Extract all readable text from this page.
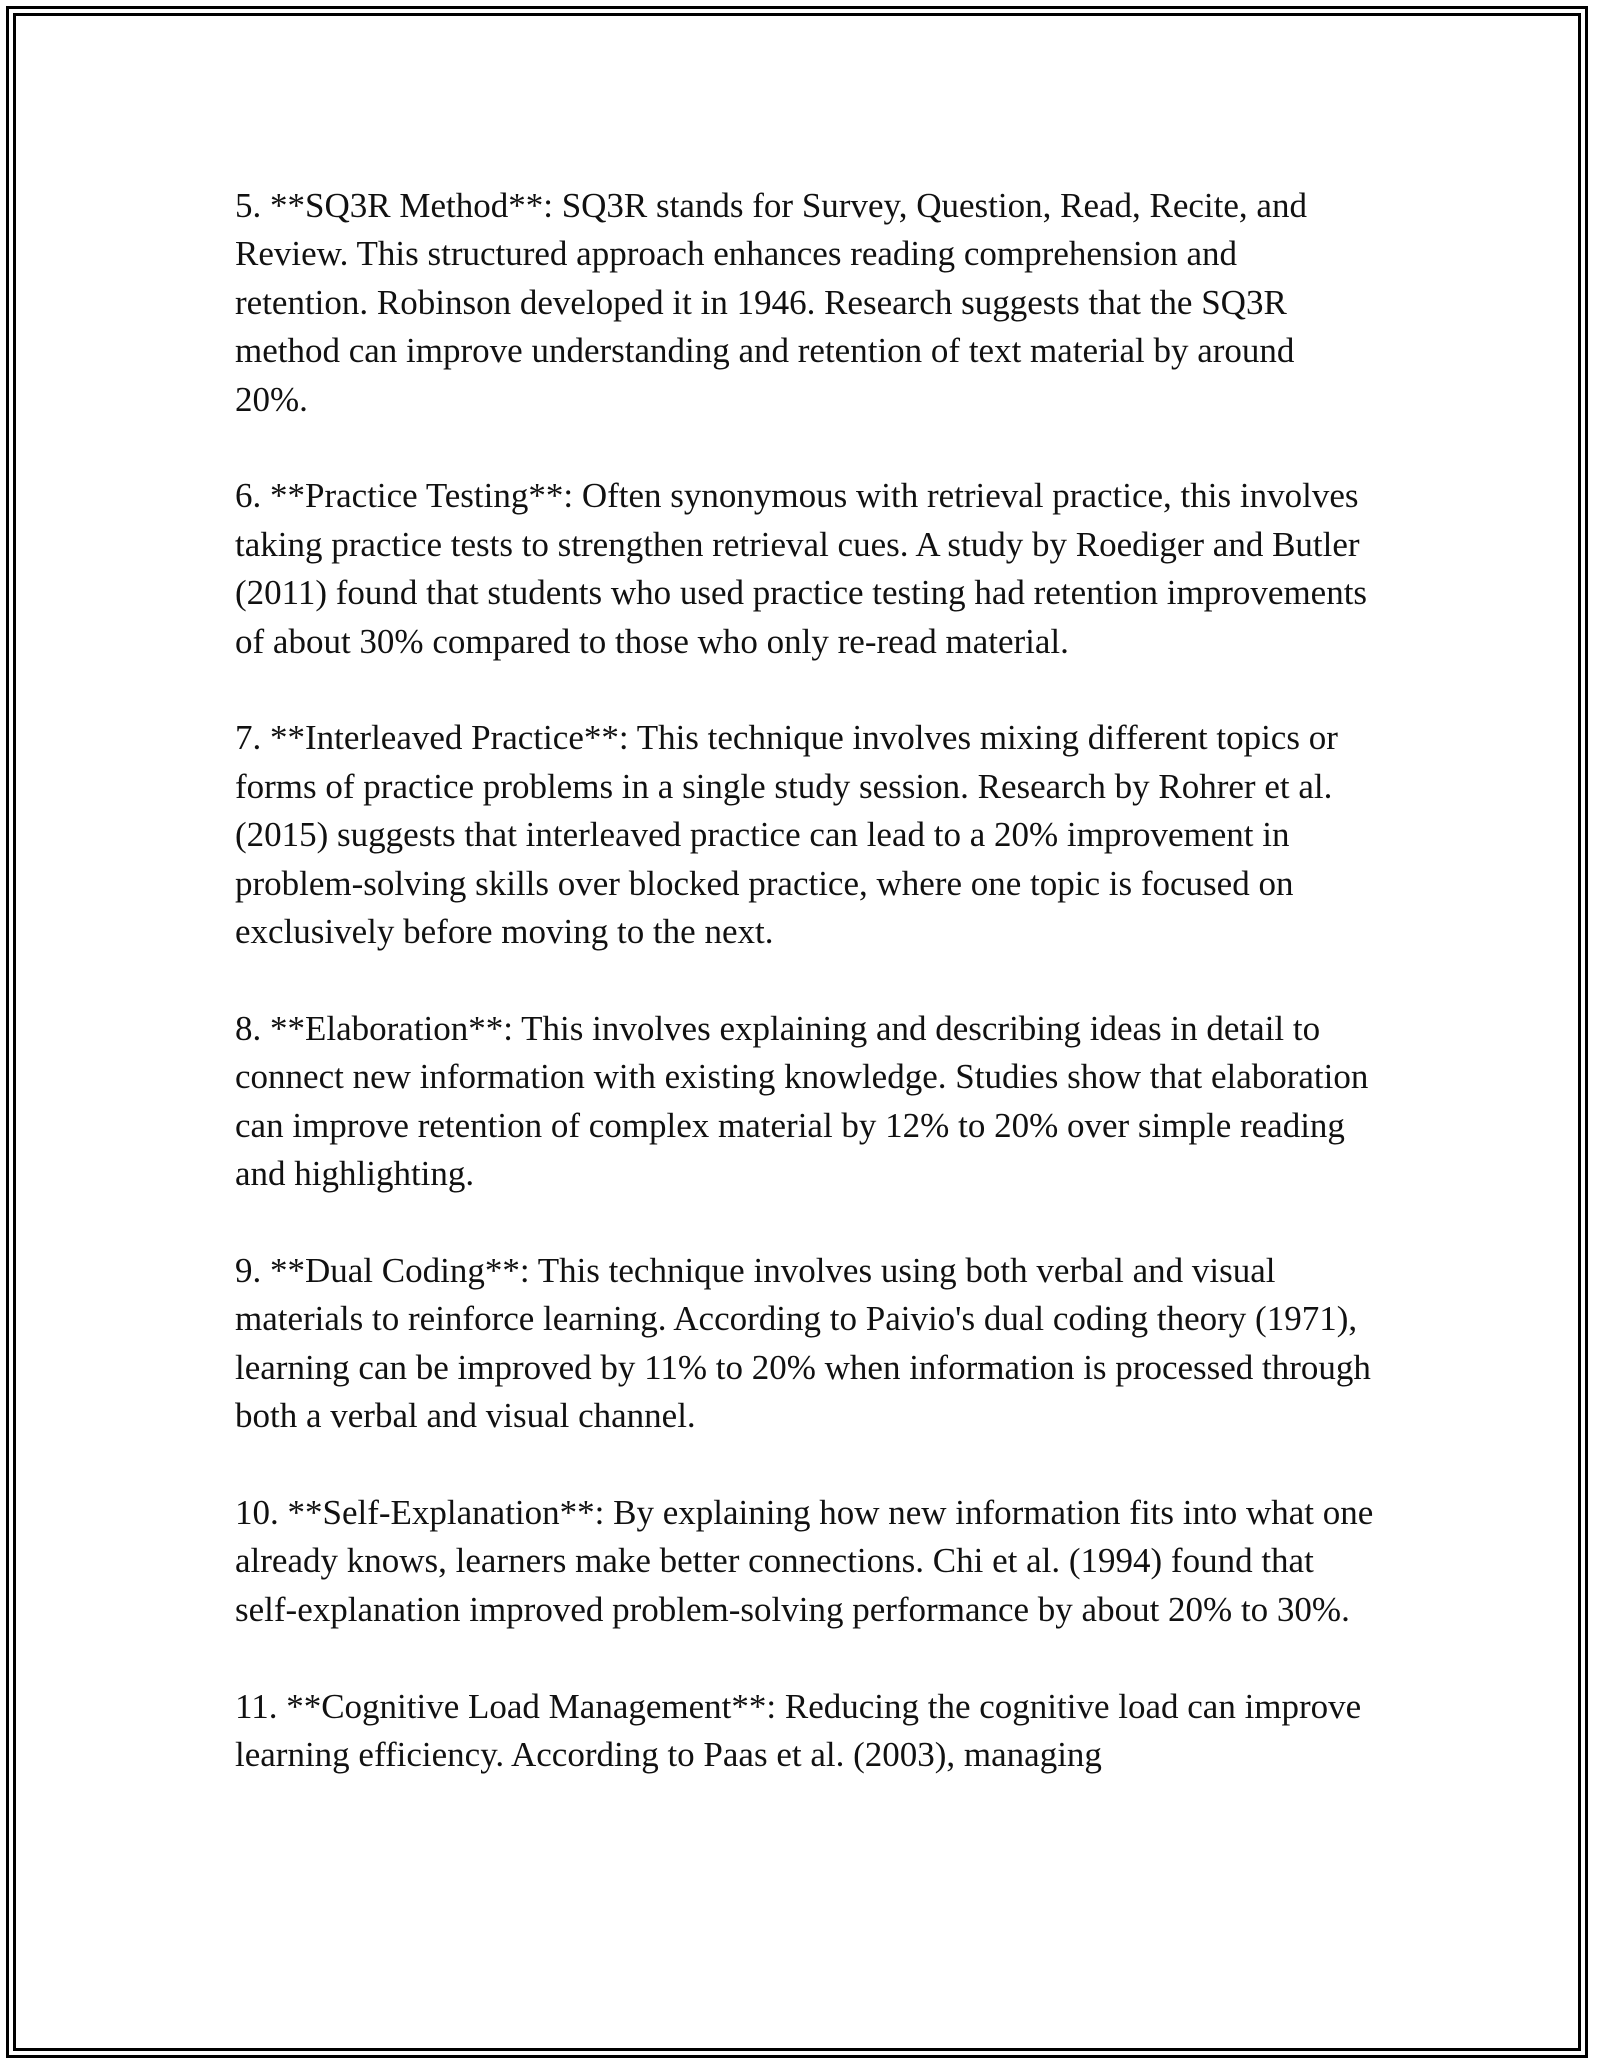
5. **SQ3R Method**: SQ3R stands for Survey, Question, Read, Recite, and Review. This structured approach enhances reading comprehension and retention. Robinson developed it in 1946. Research suggests that the SQ3R method can improve understanding and retention of text material by around 20%.

6. **Practice Testing**: Often synonymous with retrieval practice, this involves taking practice tests to strengthen retrieval cues. A study by Roediger and Butler (2011) found that students who used practice testing had retention improvements of about 30% compared to those who only re-read material.

7. **Interleaved Practice**: This technique involves mixing different topics or forms of practice problems in a single study session. Research by Rohrer et al. (2015) suggests that interleaved practice can lead to a 20% improvement in problem-solving skills over blocked practice, where one topic is focused on exclusively before moving to the next.

8. **Elaboration**: This involves explaining and describing ideas in detail to connect new information with existing knowledge. Studies show that elaboration can improve retention of complex material by 12% to 20% over simple reading and highlighting.

9. **Dual Coding**: This technique involves using both verbal and visual materials to reinforce learning. According to Paivio's dual coding theory (1971), learning can be improved by 11% to 20% when information is processed through both a verbal and visual channel.

10. **Self-Explanation**: By explaining how new information fits into what one already knows, learners make better connections. Chi et al. (1994) found that self-explanation improved problem-solving performance by about 20% to 30%.

11. **Cognitive Load Management**: Reducing the cognitive load can improve learning efficiency. According to Paas et al. (2003), managing
